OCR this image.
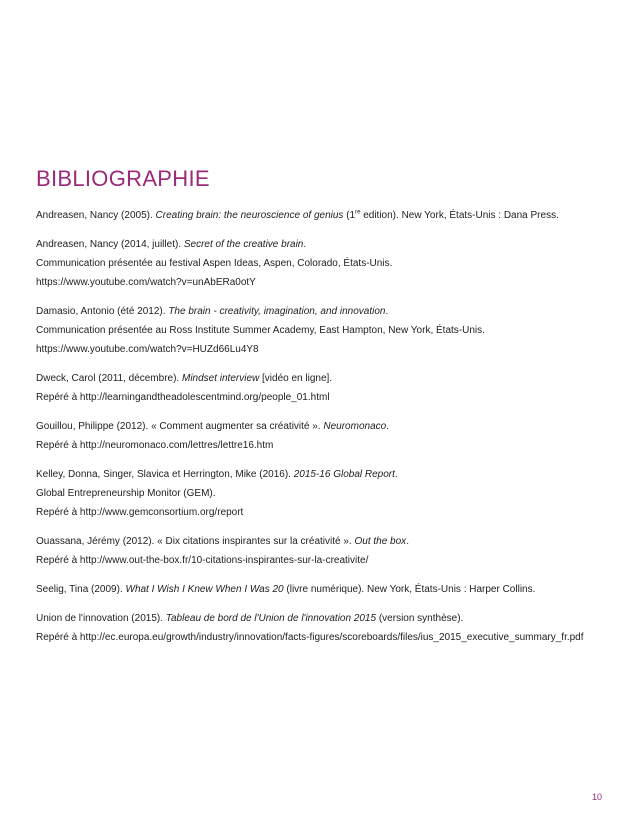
BIBLIOGRAPHIE
Andreasen, Nancy (2005). Creating brain: the neuroscience of genius (1re edition). New York, États-Unis : Dana Press.
Andreasen, Nancy (2014, juillet). Secret of the creative brain.
Communication présentée au festival Aspen Ideas, Aspen, Colorado, États-Unis.
https://www.youtube.com/watch?v=unAbERa0otY
Damasio, Antonio (été 2012). The brain - creativity, imagination, and innovation.
Communication présentée au Ross Institute Summer Academy, East Hampton, New York, États-Unis.
https://www.youtube.com/watch?v=HUZd66Lu4Y8
Dweck, Carol (2011, décembre). Mindset interview [vidéo en ligne].
Repéré à http://learningandtheadolescentmind.org/people_01.html
Gouillou, Philippe (2012). « Comment augmenter sa créativité ». Neuromonaco.
Repéré à http://neuromonaco.com/lettres/lettre16.htm
Kelley, Donna, Singer, Slavica et Herrington, Mike (2016). 2015-16 Global Report.
Global Entrepreneurship Monitor (GEM).
Repéré à http://www.gemconsortium.org/report
Ouassana, Jérémy (2012). « Dix citations inspirantes sur la créativité ». Out the box.
Repéré à http://www.out-the-box.fr/10-citations-inspirantes-sur-la-creativite/
Seelig, Tina (2009). What I Wish I Knew When I Was 20 (livre numérique). New York, États-Unis : Harper Collins.
Union de l'innovation (2015). Tableau de bord de l'Union de l'innovation 2015 (version synthèse).
Repéré à http://ec.europa.eu/growth/industry/innovation/facts-figures/scoreboards/files/ius_2015_executive_summary_fr.pdf
10
